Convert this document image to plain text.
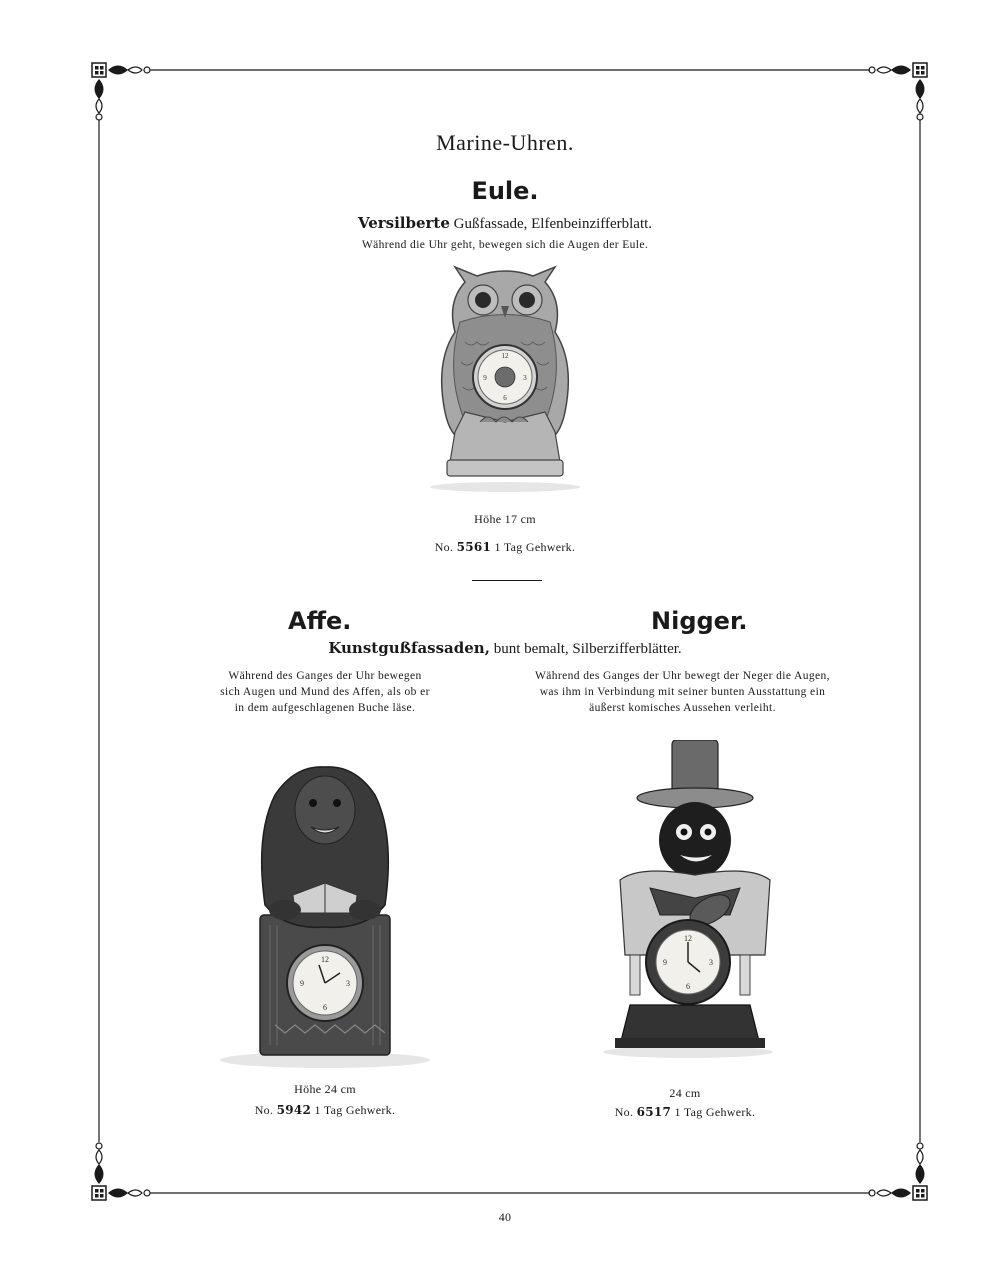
Marine-Uhren.
Eule.
Versilberte Gußfassade, Elfenbeinzifferblatt.
Während die Uhr geht, bewegen sich die Augen der Eule.
12
3
6
9
Höhe 17 cm
No. 5561 1 Tag Gehwerk.
Affe.	Nigger.
Kunstgußfassaden, bunt bemalt, Silberzifferblätter.
Während des Ganges der Uhr bewegen
sich Augen und Mund des Affen, als ob er
in dem aufgeschlagenen Buche läse.
Während des Ganges der Uhr bewegt der Neger die Augen,
was ihm in Verbindung mit seiner bunten Ausstattung ein
äußerst komisches Aussehen verleiht.
12
3
6
9
12
3
6
9
Höhe 24 cm
No. 5942 1 Tag Gehwerk.
24 cm
No. 6517 1 Tag Gehwerk.
40
